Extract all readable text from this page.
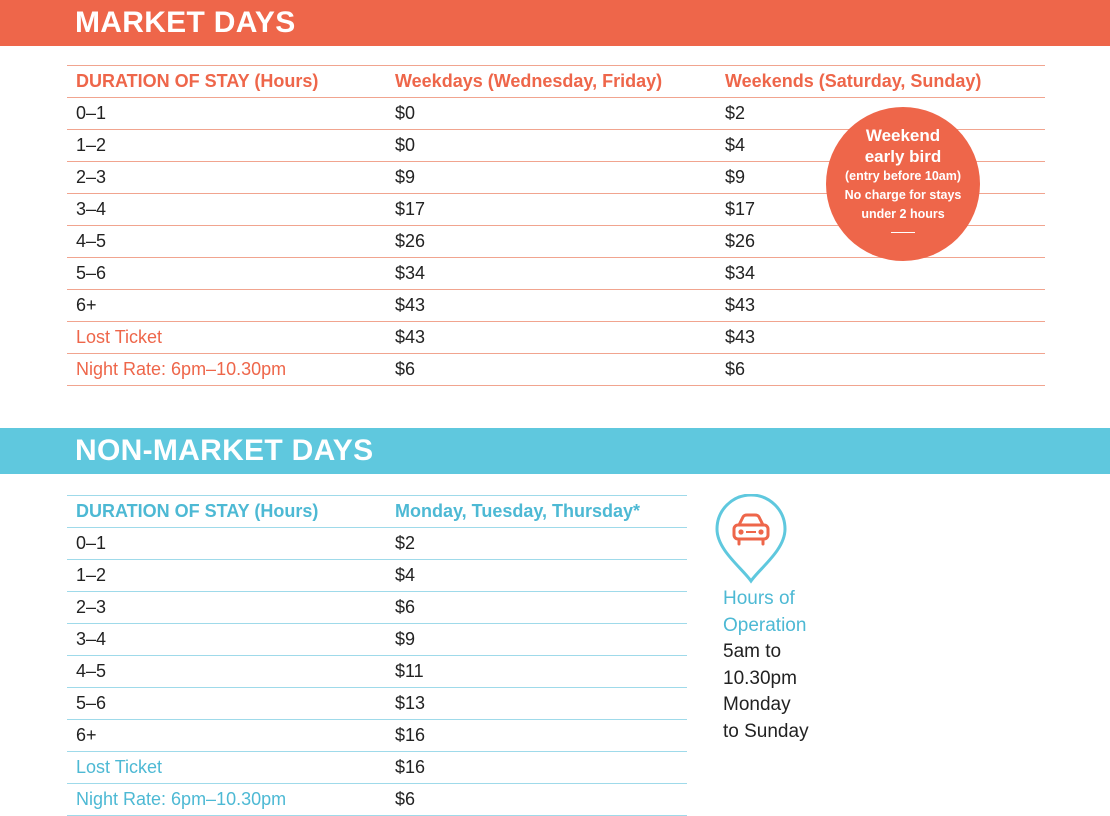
MARKET DAYS
DURATION OF STAY (Hours)	Weekdays (Wednesday, Friday)	Weekends (Saturday, Sunday)
0–1	$0	$2
1–2	$0	$4
2–3	$9	$9
3–4	$17	$17
4–5	$26	$26
5–6	$34	$34
6+	$43	$43
Lost Ticket	$43	$43
Night Rate: 6pm–10.30pm	$6	$6
Weekend
early bird
(entry before 10am)
No charge for stays
under 2 hours
NON-MARKET DAYS
DURATION OF STAY (Hours)	Monday, Tuesday, Thursday*
0–1	$2
1–2	$4
2–3	$6
3–4	$9
4–5	$11
5–6	$13
6+	$16
Lost Ticket	$16
Night Rate: 6pm–10.30pm	$6
Hours of
Operation
5am to
10.30pm
Monday
to Sunday
